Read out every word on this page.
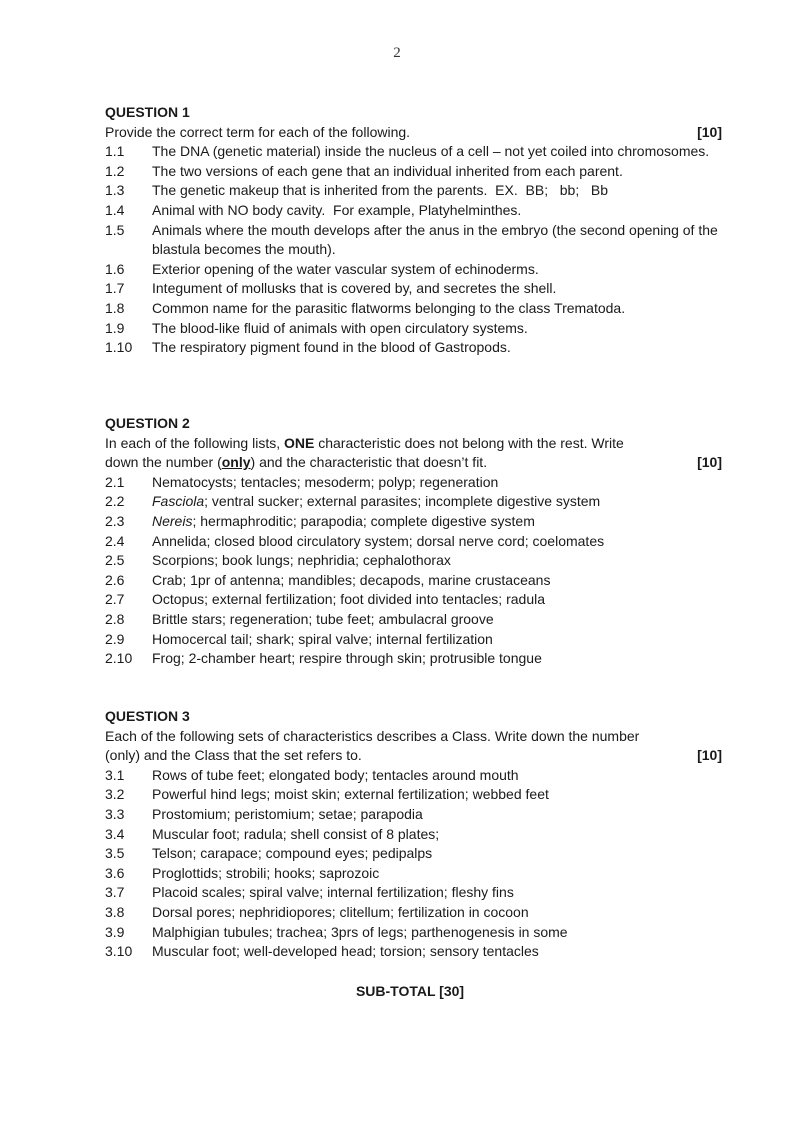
2
QUESTION 1
Provide the correct term for each of the following.	[10]
1.1	The DNA (genetic material) inside the nucleus of a cell – not yet coiled into chromosomes.
1.2	The two versions of each gene that an individual inherited from each parent.
1.3	The genetic makeup that is inherited from the parents.  EX.  BB;   bb;   Bb
1.4	Animal with NO body cavity.  For example, Platyhelminthes.
1.5	Animals where the mouth develops after the anus in the embryo (the second opening of the blastula becomes the mouth).
1.6	Exterior opening of the water vascular system of echinoderms.
1.7	Integument of mollusks that is covered by, and secretes the shell.
1.8	Common name for the parasitic flatworms belonging to the class Trematoda.
1.9	The blood-like fluid of animals with open circulatory systems.
1.10	The respiratory pigment found in the blood of Gastropods.
QUESTION 2
In each of the following lists, ONE characteristic does not belong with the rest. Write down the number (only) and the characteristic that doesn’t fit.	[10]
2.1	Nematocysts; tentacles; mesoderm; polyp; regeneration
2.2	Fasciola; ventral sucker; external parasites; incomplete digestive system
2.3	Nereis; hermaphroditic; parapodia; complete digestive system
2.4	Annelida; closed blood circulatory system; dorsal nerve cord; coelomates
2.5	Scorpions; book lungs; nephridia; cephalothorax
2.6	Crab; 1pr of antenna; mandibles; decapods, marine crustaceans
2.7	Octopus; external fertilization; foot divided into tentacles; radula
2.8	Brittle stars; regeneration; tube feet; ambulacral groove
2.9	Homocercal tail; shark; spiral valve; internal fertilization
2.10	Frog; 2-chamber heart; respire through skin; protrusible tongue
QUESTION 3
Each of the following sets of characteristics describes a Class. Write down the number (only) and the Class that the set refers to.	[10]
3.1	Rows of tube feet; elongated body; tentacles around mouth
3.2	Powerful hind legs; moist skin; external fertilization; webbed feet
3.3	Prostomium; peristomium; setae; parapodia
3.4	Muscular foot; radula; shell consist of 8 plates;
3.5	Telson; carapace; compound eyes; pedipalps
3.6	Proglottids; strobili; hooks; saprozoic
3.7	Placoid scales; spiral valve; internal fertilization; fleshy fins
3.8	Dorsal pores; nephridiopores; clitellum; fertilization in cocoon
3.9	Malphigian tubules; trachea; 3prs of legs; parthenogenesis in some
3.10	Muscular foot; well-developed head; torsion; sensory tentacles
SUB-TOTAL [30]
